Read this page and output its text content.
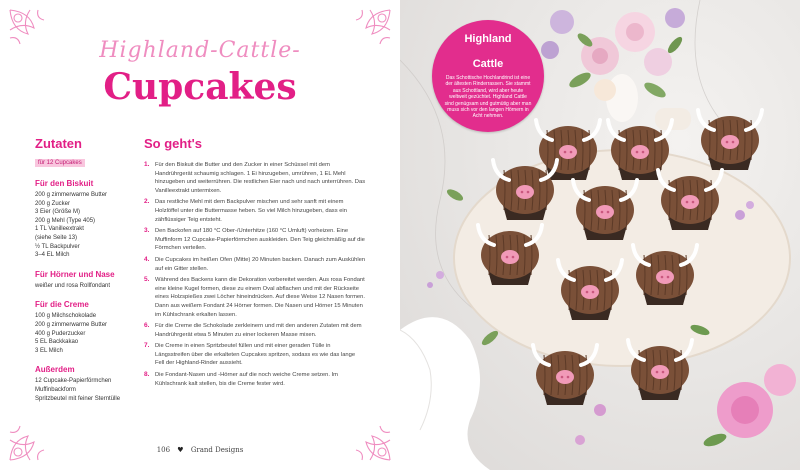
Highland-Cattle-
Cupcakes
Zutaten
für 12 Cupcakes
Für den Biskuit
200 g zimmerwarme Butter
200 g Zucker
3 Eier (Größe M)
200 g Mehl (Type 405)
1 TL Vanilleextrakt
(siehe Seite 13)
½ TL Backpulver
3–4 EL Milch
Für Hörner und Nase
weißer und rosa Rollfondant
Für die Creme
100 g Milchschokolade
200 g zimmerwarme Butter
400 g Puderzucker
5 EL Backkakao
3 EL Milch
Außerdem
12 Cupcake-Papierförmchen
Muffinbackform
Spritzbeutel mit feiner Sterntülle
So geht's
1. Für den Biskuit die Butter und den Zucker in einer Schüssel mit dem Handrührgerät schaumig schlagen. 1 Ei hinzugeben, umrühren, 1 EL Mehl hinzugeben und weiterrühren. Die restlichen Eier nach und nach unterrühren. Das Vanilleextrakt untermixen.
2. Das restliche Mehl mit dem Backpulver mischen und sehr sanft mit einem Holzlöffel unter die Buttermasse heben. So viel Milch hinzugeben, dass ein zähflüssiger Teig entsteht.
3. Den Backofen auf 180 °C Ober-/Unterhitze (160 °C Umluft) vorheizen. Eine Muffinform 12 Cupcake-Papierförmchen auskleiden. Den Teig gleichmäßig auf die Förmchen verteilen.
4. Die Cupcakes im heißen Ofen (Mitte) 20 Minuten backen. Danach zum Auskühlen auf ein Gitter stellen.
5. Während des Backens kann die Dekoration vorbereitet werden. Aus rosa Fondant eine kleine Kugel formen, diese zu einem Oval abflachen und mit der Rückseite eines Holzspießes zwei Löcher hineindrücken. Auf diese Weise 12 Nasen formen. Dann aus weißem Fondant 24 Hörner formen. Die Nasen und Hörner 15 Minuten im Kühlschrank erkalten lassen.
6. Für die Creme die Schokolade zerkleinern und mit den anderen Zutaten mit dem Handrührgerät etwa 5 Minuten zu einer lockeren Masse mixen.
7. Die Creme in einen Spritzbeutel füllen und mit einer geraden Tülle in Längsstreifen über die erkalteten Cupcakes spritzen, sodass es wie das lange Fell der Highland-Rinder aussieht.
8. Die Fondant-Nasen und -Hörner auf die noch weiche Creme setzen. Im Kühlschrank kalt stellen, bis die Creme fester wird.
106 ♥ Grand Designs
Highland
Cattle
Das Schottische Hochlandrind ist eine der ältesten Rinderrassen. Sie stammt aus Schottland, wird aber heute weltweit gezüchtet. Highland Cattle sind genügsam und gutmütig aber man muss sich vor den langen Hörnern in Acht nehmen.
